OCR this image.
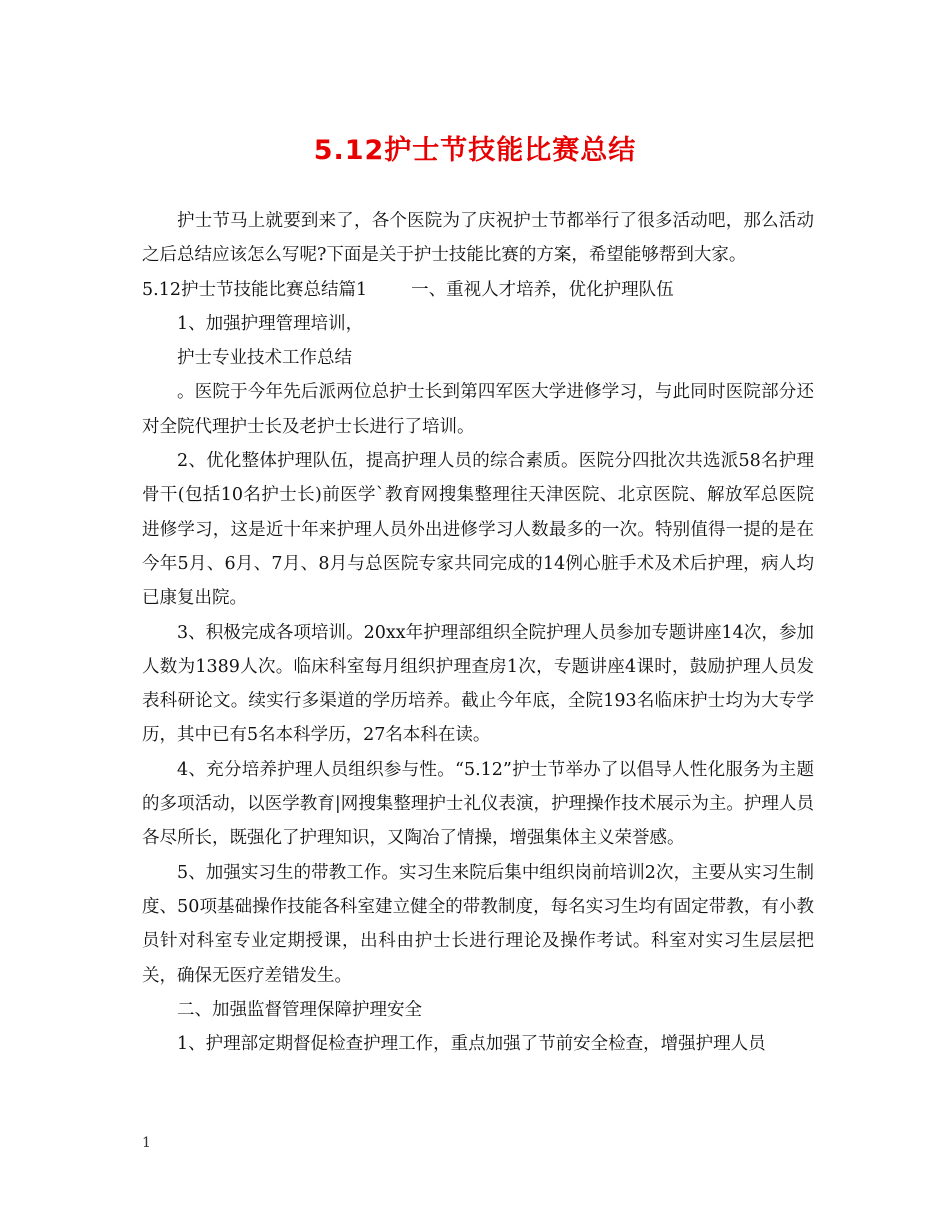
5.12护士节技能比赛总结

护士节马上就要到来了，各个医院为了庆祝护士节都举行了很多活动吧，那么活动之后总结应该怎么写呢?下面是关于护士技能比赛的方案，希望能够帮到大家。

5.12护士节技能比赛总结篇1	一、重视人才培养，优化护理队伍

1、加强护理管理培训，

护士专业技术工作总结

。医院于今年先后派两位总护士长到第四军医大学进修学习，与此同时医院部分还对全院代理护士长及老护士长进行了培训。

2、优化整体护理队伍，提高护理人员的综合素质。医院分四批次共选派58名护理骨干(包括10名护士长)前医学`教育网搜集整理往天津医院、北京医院、解放军总医院进修学习，这是近十年来护理人员外出进修学习人数最多的一次。特别值得一提的是在今年5月、6月、7月、8月与总医院专家共同完成的14例心脏手术及术后护理，病人均已康复出院。

3、积极完成各项培训。20xx年护理部组织全院护理人员参加专题讲座14次，参加人数为1389人次。临床科室每月组织护理查房1次，专题讲座4课时，鼓励护理人员发表科研论文。续实行多渠道的学历培养。截止今年底，全院193名临床护士均为大专学历，其中已有5名本科学历，27名本科在读。

4、充分培养护理人员组织参与性。“5.12”护士节举办了以倡导人性化服务为主题的多项活动，以医学教育|网搜集整理护士礼仪表演，护理操作技术展示为主。护理人员各尽所长，既强化了护理知识，又陶冶了情操，增强集体主义荣誉感。

5、加强实习生的带教工作。实习生来院后集中组织岗前培训2次，主要从实习生制度、50项基础操作技能各科室建立健全的带教制度，每名实习生均有固定带教，有小教员针对科室专业定期授课，出科由护士长进行理论及操作考试。科室对实习生层层把关，确保无医疗差错发生。

二、加强监督管理保障护理安全

1、护理部定期督促检查护理工作，重点加强了节前安全检查，增强护理人员

1
